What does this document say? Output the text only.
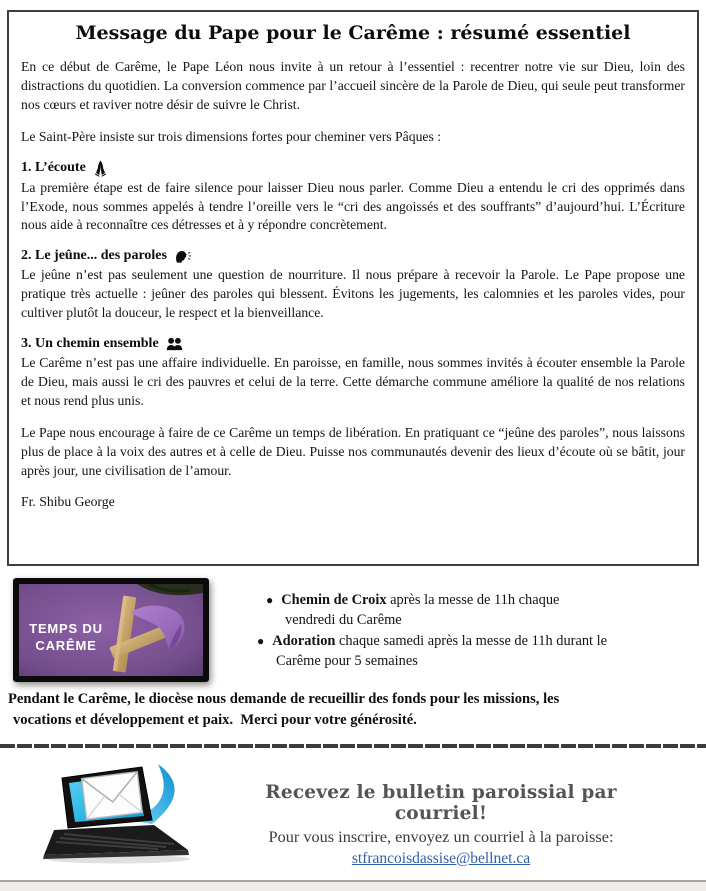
Message du Pape pour le Carême : résumé essentiel

En ce début de Carême, le Pape Léon nous invite à un retour à l’essentiel : recentrer notre vie sur Dieu, loin des distractions du quotidien. La conversion commence par l’accueil sincère de la Parole de Dieu, qui seule peut transformer nos cœurs et raviver notre désir de suivre le Christ.

Le Saint-Père insiste sur trois dimensions fortes pour cheminer vers Pâques :

1. L’écoute

La première étape est de faire silence pour laisser Dieu nous parler. Comme Dieu a entendu le cri des opprimés dans l’Exode, nous sommes appelés à tendre l’oreille vers le “cri des angoissés et des souffrants” d’aujourd’hui. L’Écriture nous aide à reconnaître ces détresses et à y répondre concrètement.

2. Le jeûne... des paroles

Le jeûne n’est pas seulement une question de nourriture. Il nous prépare à recevoir la Parole. Le Pape propose une pratique très actuelle : jeûner des paroles qui blessent. Évitons les jugements, les calomnies et les paroles vides, pour cultiver plutôt la douceur, le respect et la bienveillance.

3. Un chemin ensemble

Le Carême n’est pas une affaire individuelle. En paroisse, en famille, nous sommes invités à écouter ensemble la Parole de Dieu, mais aussi le cri des pauvres et celui de la terre. Cette démarche commune améliore la qualité de nos relations et nous rend plus unis.

Le Pape nous encourage à faire de ce Carême un temps de libération. En pratiquant ce “jeûne des paroles”, nous laissons plus de place à la voix des autres et à celle de Dieu. Puisse nos communautés devenir des lieux d’écoute où se bâtit, jour après jour, une civilisation de l’amour.

Fr. Shibu George

TEMPS DU
CARÊME
● Chemin de Croix après la messe de 11h chaque vendredi du Carême
● Adoration chaque samedi après la messe de 11h durant le Carême pour 5 semaines
Pendant le Carême, le diocèse nous demande de recueillir des fonds pour les missions, les
vocations et développement et paix.  Merci pour votre générosité.
Recevez le bulletin paroissial par courriel!
Pour vous inscrire, envoyez un courriel à la paroisse:
stfrancoisdassise@bellnet.ca
